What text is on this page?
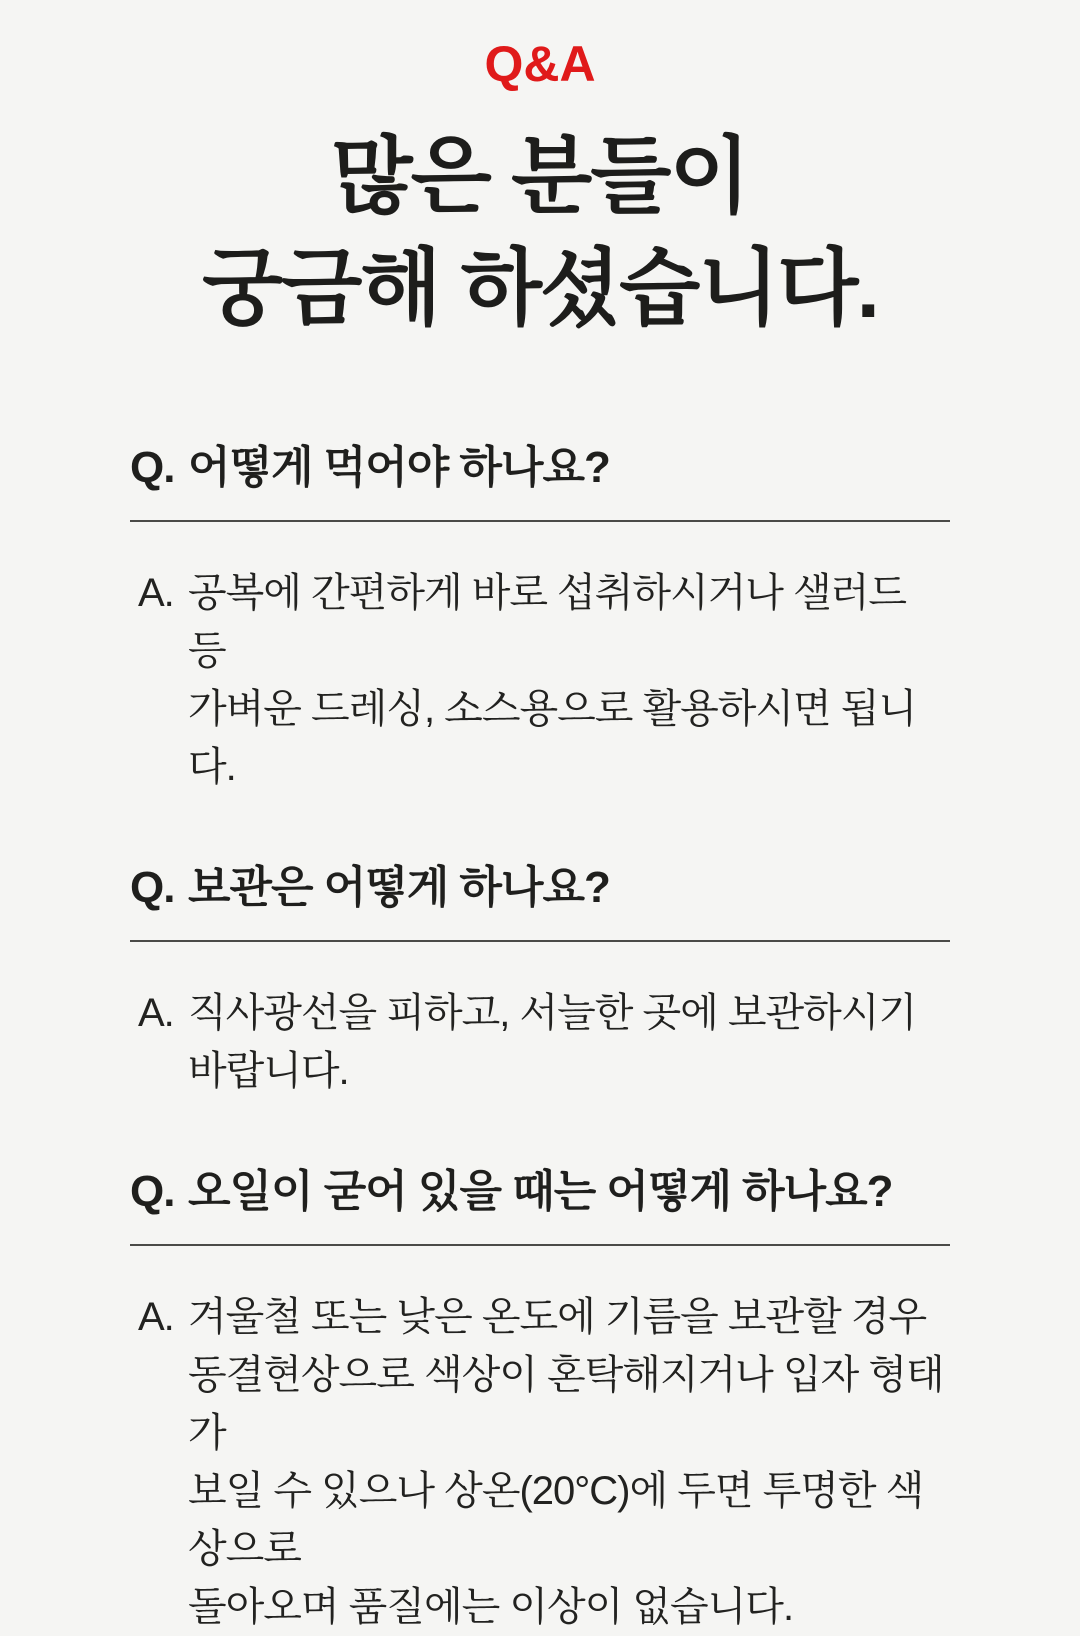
Q&A
많은 분들이
궁금해 하셨습니다.
Q. 어떻게 먹어야 하나요?
A. 공복에 간편하게 바로 섭취하시거나 샐러드 등
가벼운 드레싱, 소스용으로 활용하시면 됩니다.
Q. 보관은 어떻게 하나요?
A. 직사광선을 피하고, 서늘한 곳에 보관하시기 바랍니다.
Q. 오일이 굳어 있을 때는 어떻게 하나요?
A. 겨울철 또는 낮은 온도에 기름을 보관할 경우
동결현상으로 색상이 혼탁해지거나 입자 형태가
보일 수 있으나 상온(20°C)에 두면 투명한 색상으로
돌아오며 품질에는 이상이 없습니다.
